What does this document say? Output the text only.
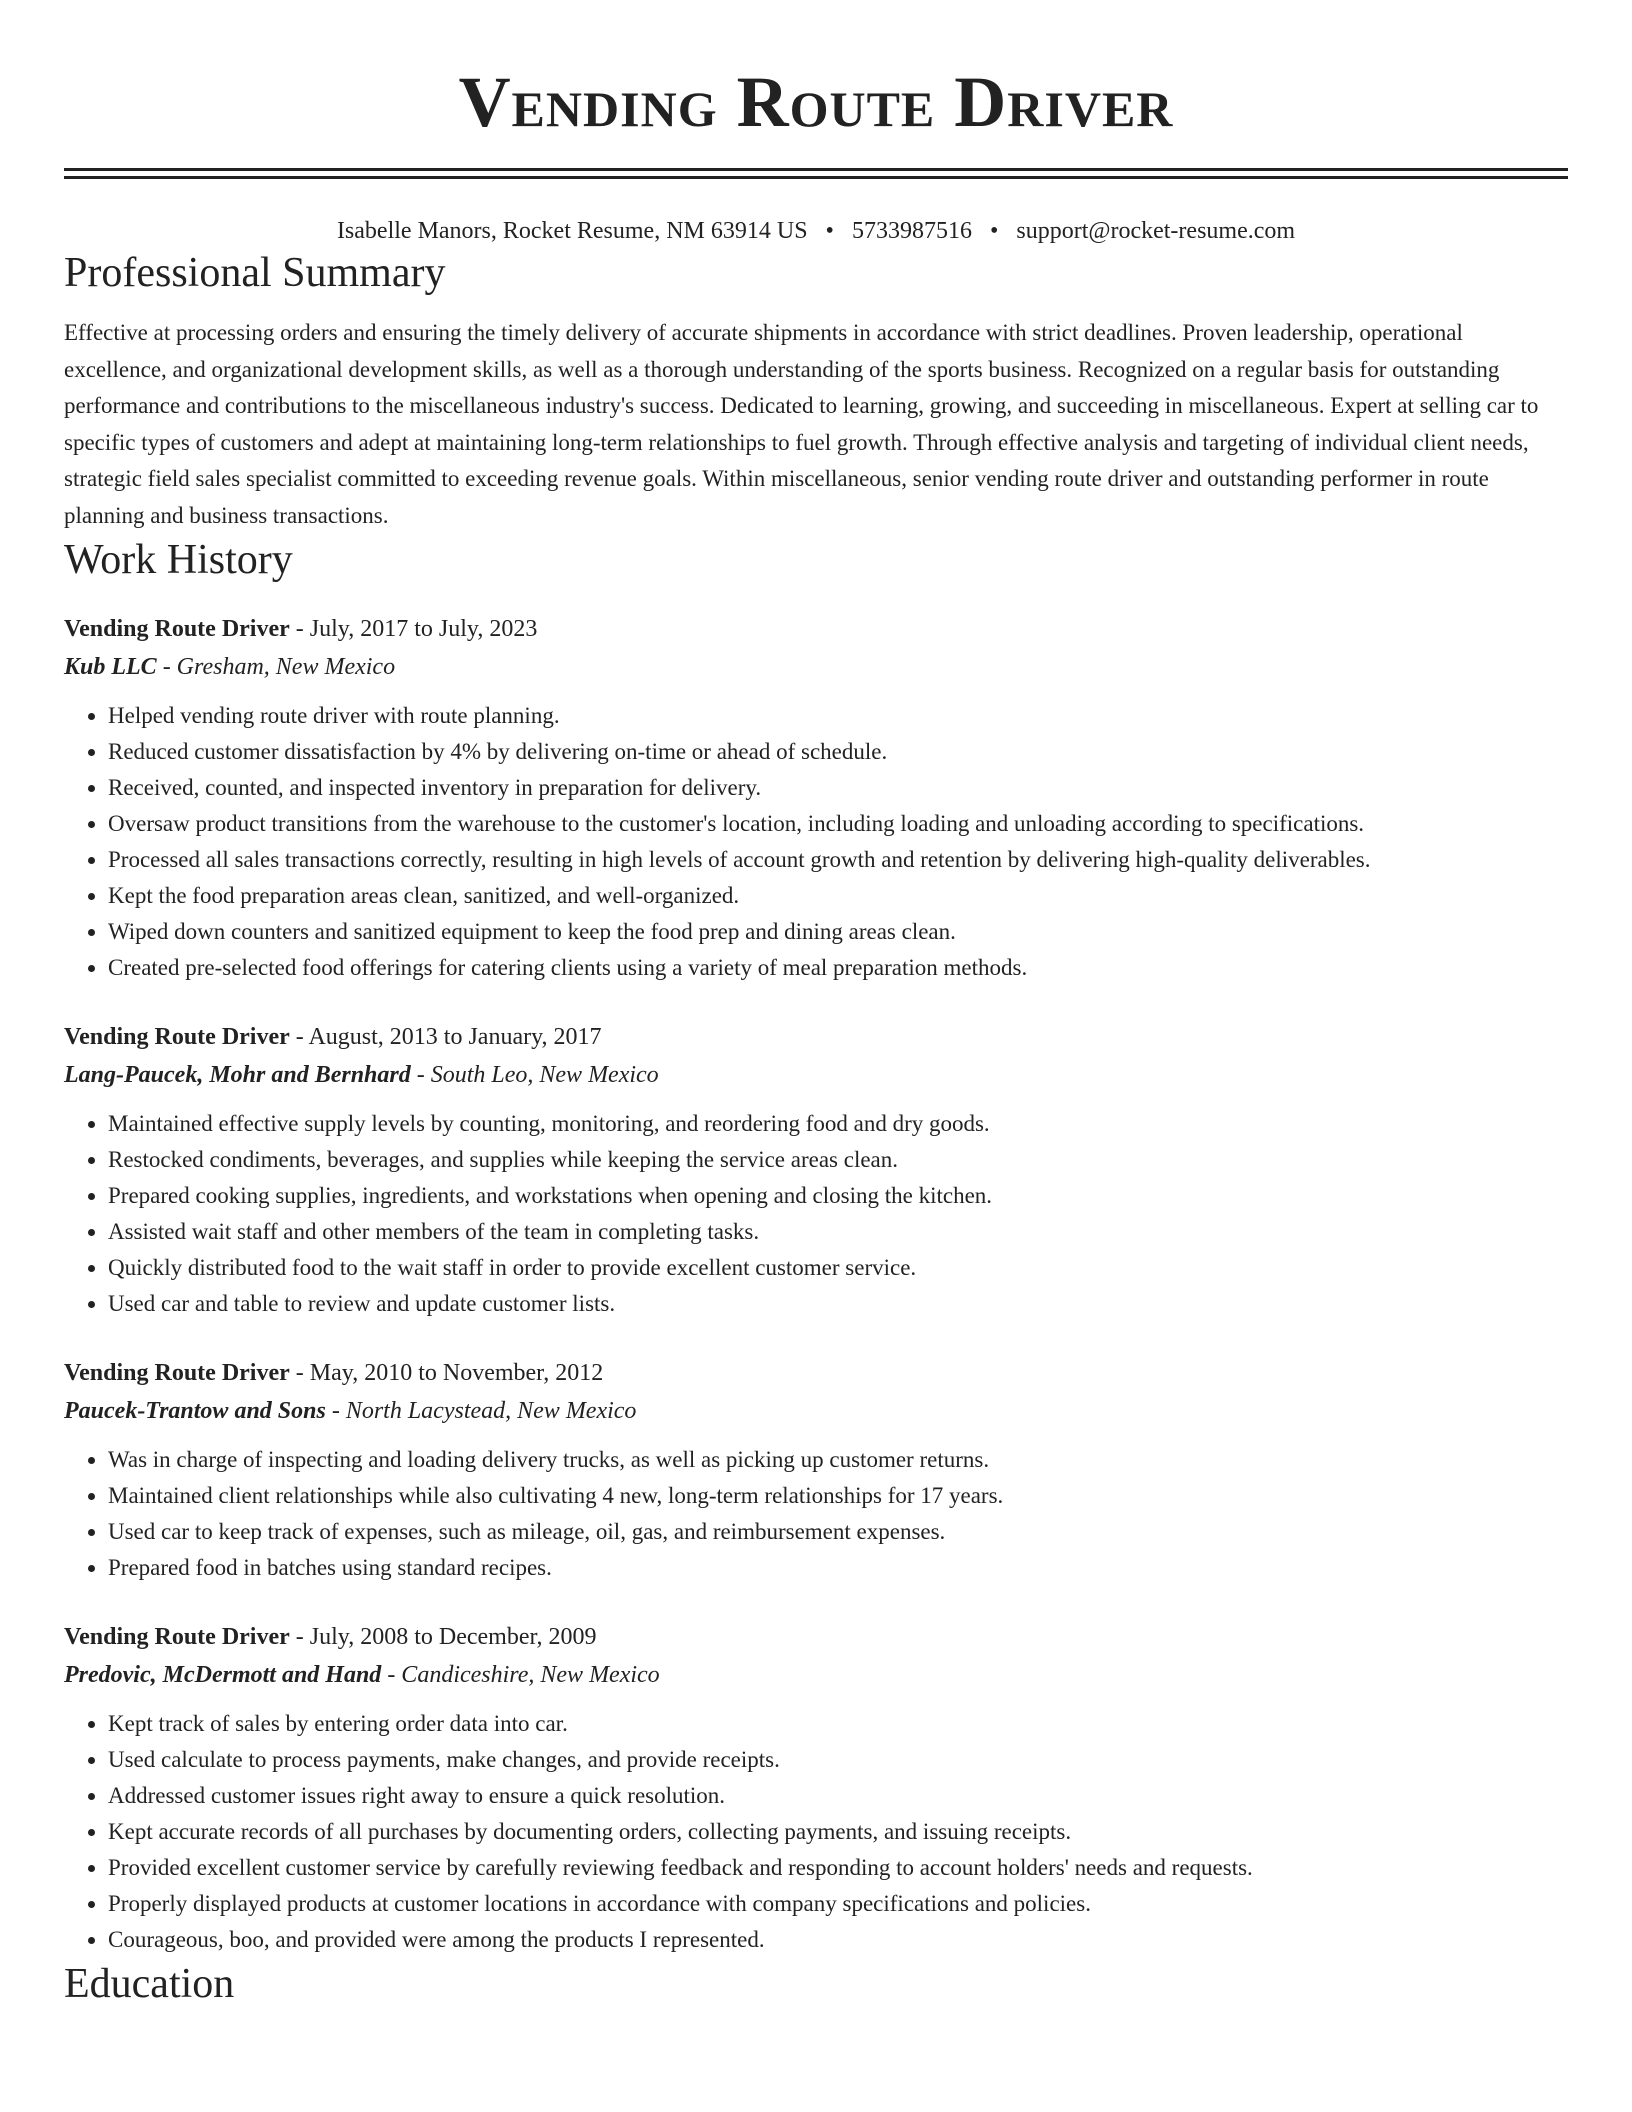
Vending Route Driver
Isabelle Manors, Rocket Resume, NM 63914 US • 5733987516 • support@rocket-resume.com
Professional Summary

Effective at processing orders and ensuring the timely delivery of accurate shipments in accordance with strict deadlines. Proven leadership, operational excellence, and organizational development skills, as well as a thorough understanding of the sports business. Recognized on a regular basis for outstanding performance and contributions to the miscellaneous industry's success. Dedicated to learning, growing, and succeeding in miscellaneous. Expert at selling car to specific types of customers and adept at maintaining long-term relationships to fuel growth. Through effective analysis and targeting of individual client needs, strategic field sales specialist committed to exceeding revenue goals. Within miscellaneous, senior vending route driver and outstanding performer in route planning and business transactions.

Work History
Vending Route Driver - July, 2017 to July, 2023
Kub LLC - Gresham, New Mexico
• Helped vending route driver with route planning.
• Reduced customer dissatisfaction by 4% by delivering on-time or ahead of schedule.
• Received, counted, and inspected inventory in preparation for delivery.
• Oversaw product transitions from the warehouse to the customer's location, including loading and unloading according to specifications.
• Processed all sales transactions correctly, resulting in high levels of account growth and retention by delivering high-quality deliverables.
• Kept the food preparation areas clean, sanitized, and well-organized.
• Wiped down counters and sanitized equipment to keep the food prep and dining areas clean.
• Created pre-selected food offerings for catering clients using a variety of meal preparation methods.
Vending Route Driver - August, 2013 to January, 2017
Lang-Paucek, Mohr and Bernhard - South Leo, New Mexico
• Maintained effective supply levels by counting, monitoring, and reordering food and dry goods.
• Restocked condiments, beverages, and supplies while keeping the service areas clean.
• Prepared cooking supplies, ingredients, and workstations when opening and closing the kitchen.
• Assisted wait staff and other members of the team in completing tasks.
• Quickly distributed food to the wait staff in order to provide excellent customer service.
• Used car and table to review and update customer lists.
Vending Route Driver - May, 2010 to November, 2012
Paucek-Trantow and Sons - North Lacystead, New Mexico
• Was in charge of inspecting and loading delivery trucks, as well as picking up customer returns.
• Maintained client relationships while also cultivating 4 new, long-term relationships for 17 years.
• Used car to keep track of expenses, such as mileage, oil, gas, and reimbursement expenses.
• Prepared food in batches using standard recipes.
Vending Route Driver - July, 2008 to December, 2009
Predovic, McDermott and Hand - Candiceshire, New Mexico
• Kept track of sales by entering order data into car.
• Used calculate to process payments, make changes, and provide receipts.
• Addressed customer issues right away to ensure a quick resolution.
• Kept accurate records of all purchases by documenting orders, collecting payments, and issuing receipts.
• Provided excellent customer service by carefully reviewing feedback and responding to account holders' needs and requests.
• Properly displayed products at customer locations in accordance with company specifications and policies.
• Courageous, boo, and provided were among the products I represented.
Education
